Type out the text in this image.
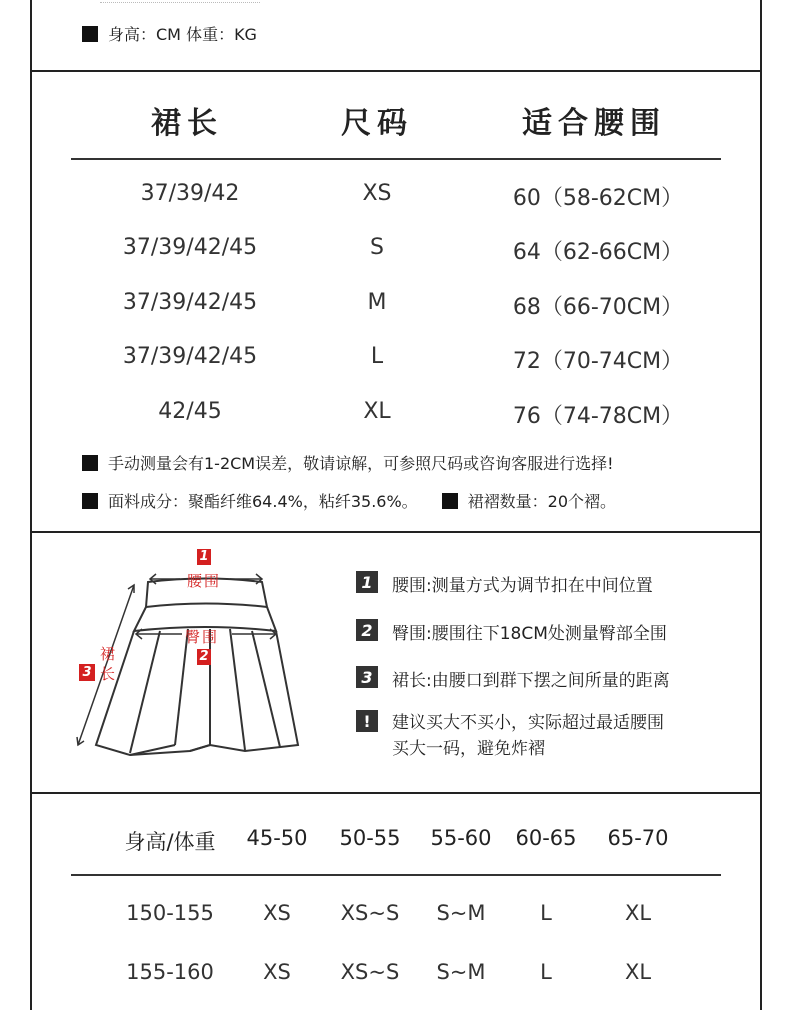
身高：CM 体重：KG
裙长	尺码	适合腰围
37/39/42	XS	60（58-62CM）
37/39/42/45	S	64（62-66CM）
37/39/42/45	M	68（66-70CM）
37/39/42/45	L	72（70-74CM）
42/45	XL	76（74-78CM）
手动测量会有1-2CM误差，敬请谅解，可参照尺码或咨询客服进行选择!
面料成分：聚酯纤维64.4%，粘纤35.6%。	裙褶数量：20个褶。
1
腰围
臀围
2
裙
3 长
1	腰围:测量方式为调节扣在中间位置
2	臀围:腰围往下18CM处测量臀部全围
3	裙长:由腰口到群下摆之间所量的距离
!	建议买大不买小，实际超过最适腰围
买大一码，避免炸褶
身高/体重 45-50 50-55 55-60 60-65 65-70
150-155 XS XS~S S~M	L	XL
155-160 XS XS~S S~M	L	XL
